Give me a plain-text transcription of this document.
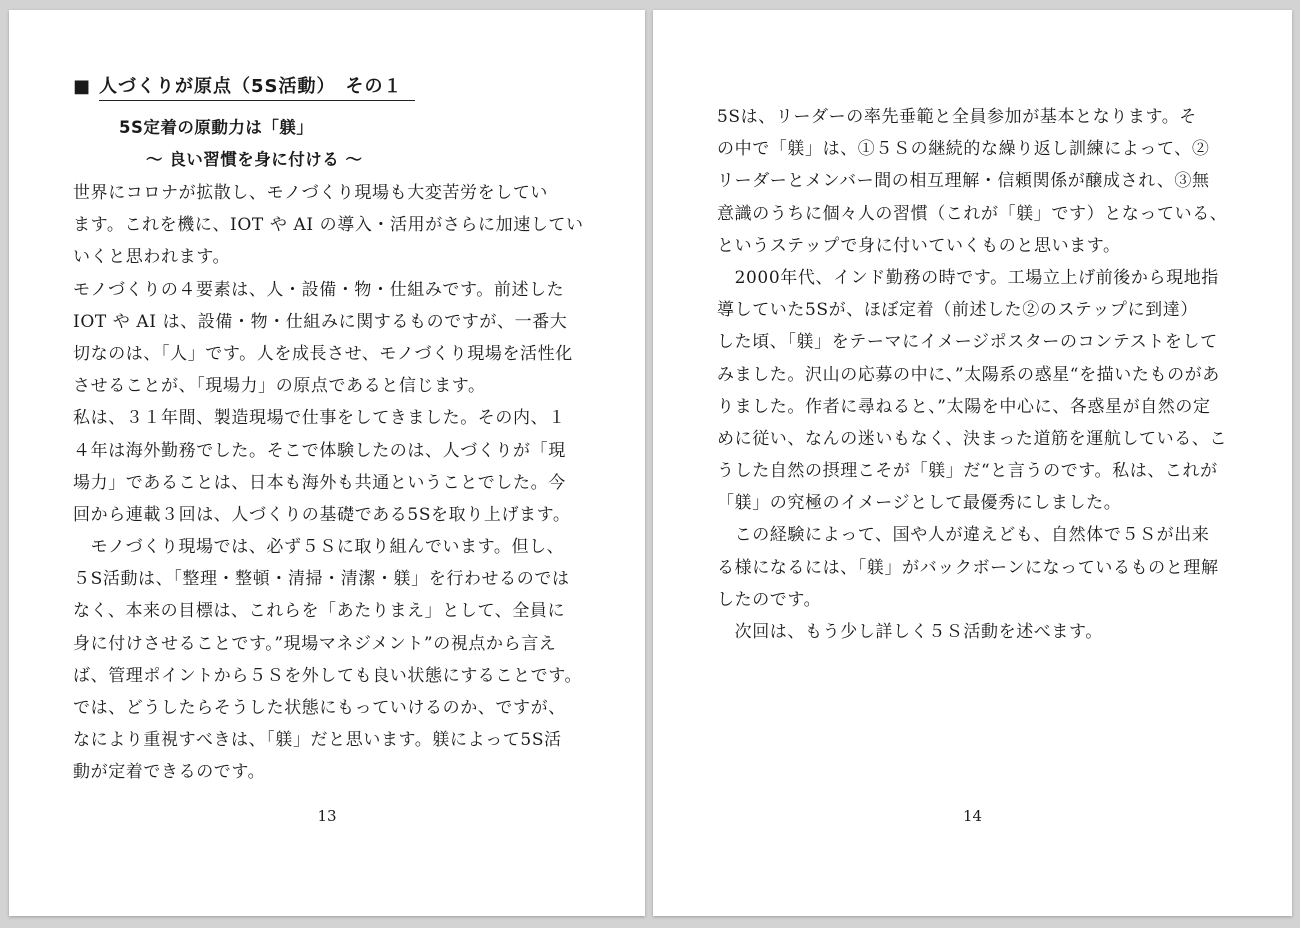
■ 人づくりが原点（5S活動）　その１
5S定着の原動力は「躾」
～ 良い習慣を身に付ける ～
世界にコロナが拡散し、モノづくり現場も大変苦労をしてい
ます。これを機に、IOT や AI の導入・活用がさらに加速してい
いくと思われます。
モノづくりの４要素は、人・設備・物・仕組みです。前述した
IOT や AI は、設備・物・仕組みに関するものですが、一番大
切なのは、「人」です。人を成長させ、モノづくり現場を活性化
させることが、「現場力」の原点であると信じます。
私は、３１年間、製造現場で仕事をしてきました。その内、１
４年は海外勤務でした。そこで体験したのは、人づくりが「現
場力」であることは、日本も海外も共通ということでした。今
回から連載３回は、人づくりの基礎である5Sを取り上げます。
　モノづくり現場では、必ず５Ｓに取り組んでいます。但し、
５S活動は、「整理・整頓・清掃・清潔・躾」を行わせるのでは
なく、本来の目標は、これらを「あたりまえ」として、全員に
身に付けさせることです。”現場マネジメント”の視点から言え
ば、管理ポイントから５Ｓを外しても良い状態にすることです。
では、どうしたらそうした状態にもっていけるのか、ですが、
なにより重視すべきは、「躾」だと思います。躾によって5S活
動が定着できるのです。
13
5Sは、リーダーの率先垂範と全員参加が基本となります。そ
の中で「躾」は、①５Ｓの継続的な繰り返し訓練によって、②
リーダーとメンバー間の相互理解・信頼関係が醸成され、③無
意識のうちに個々人の習慣（これが「躾」です）となっている、
というステップで身に付いていくものと思います。
　2000年代、インド勤務の時です。工場立上げ前後から現地指
導していた5Sが、ほぼ定着（前述した②のステップに到達）
した頃、「躾」をテーマにイメージポスターのコンテストをして
みました。沢山の応募の中に、”太陽系の惑星“を描いたものがあ
りました。作者に尋ねると、”太陽を中心に、各惑星が自然の定
めに従い、なんの迷いもなく、決まった道筋を運航している、こ
うした自然の摂理こそが「躾」だ“と言うのです。私は、これが
「躾」の究極のイメージとして最優秀にしました。
　この経験によって、国や人が違えども、自然体で５Ｓが出来
る様になるには、「躾」がバックボーンになっているものと理解
したのです。
　次回は、もう少し詳しく５Ｓ活動を述べます。
14
